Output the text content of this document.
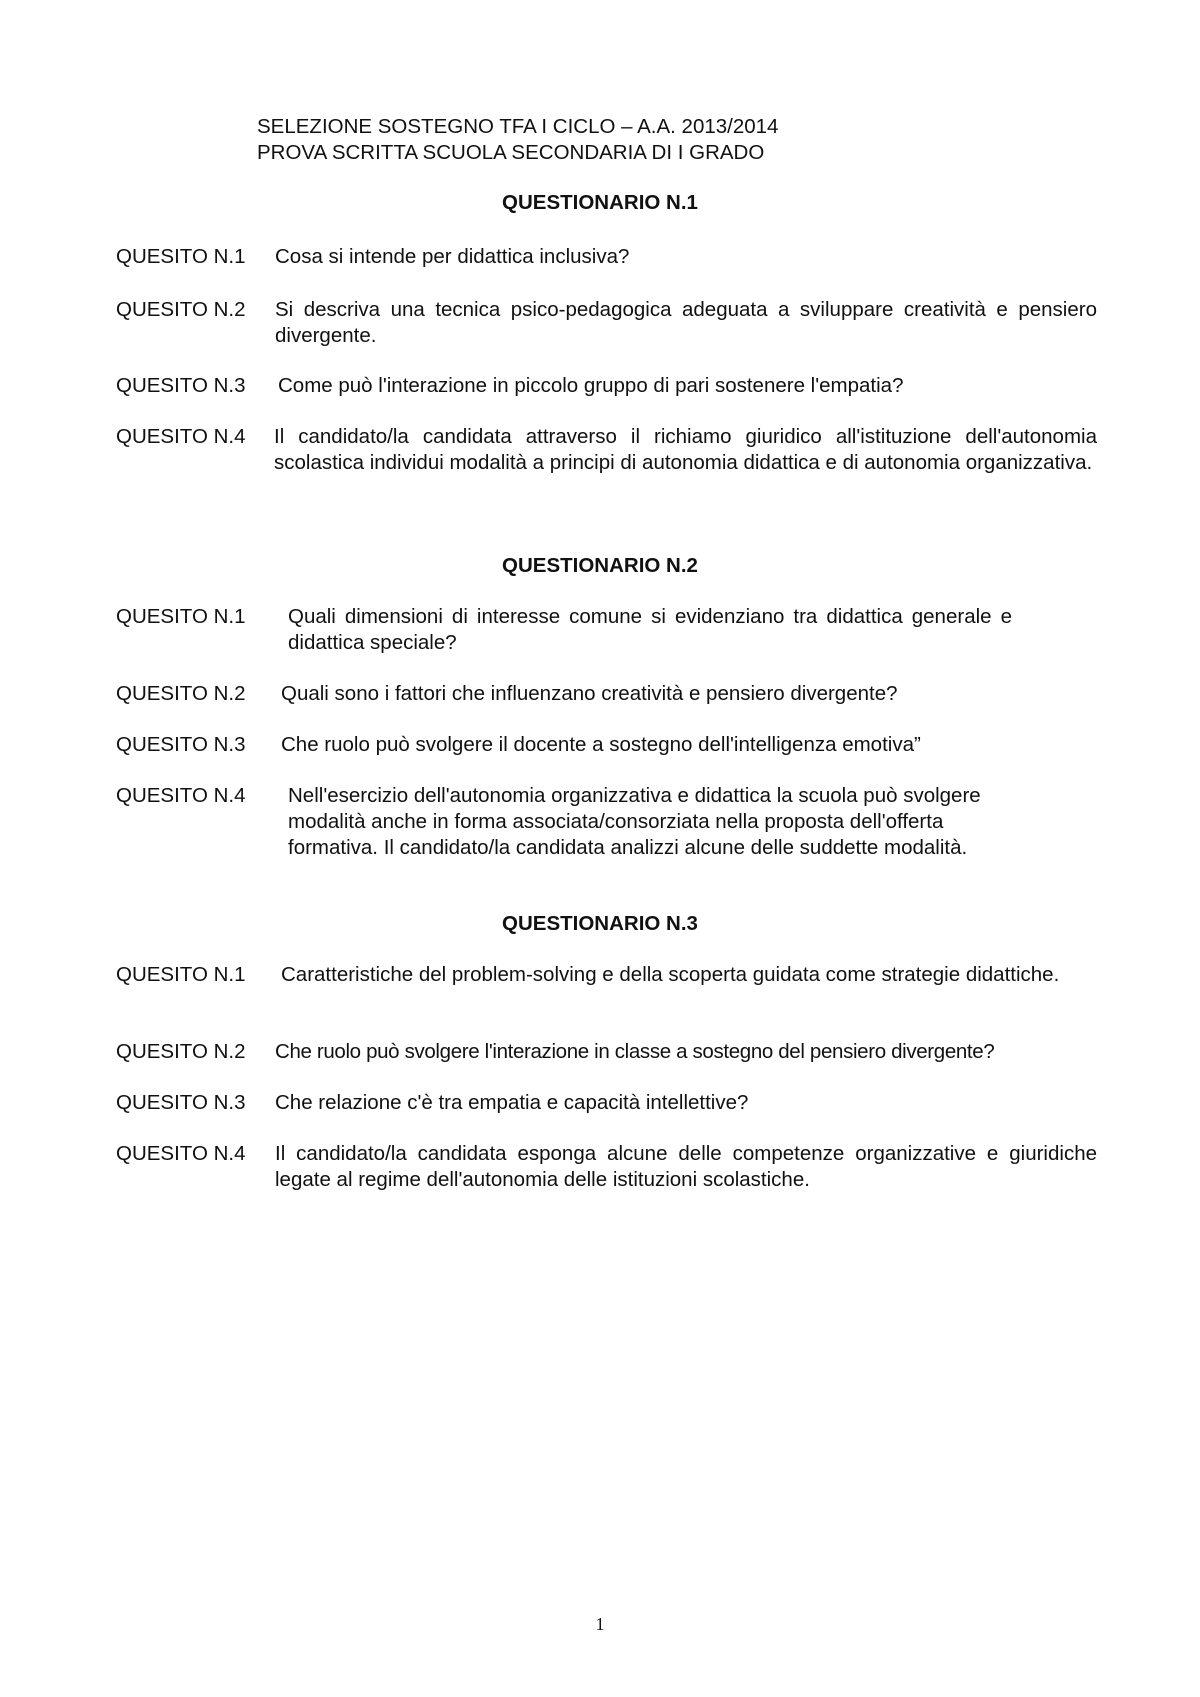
SELEZIONE SOSTEGNO TFA I CICLO – A.A. 2013/2014
PROVA SCRITTA SCUOLA SECONDARIA DI I GRADO
QUESTIONARIO N.1
QUESITO N.1	Cosa si intende per didattica inclusiva?
QUESITO N.2	Si descriva una tecnica psico-pedagogica adeguata a sviluppare creatività e pensiero divergente.
QUESITO N.3	Come può l'interazione in piccolo gruppo di pari sostenere l'empatia?
QUESITO N.4	Il candidato/la candidata attraverso il richiamo giuridico all'istituzione dell'autonomia scolastica individui modalità a principi di autonomia didattica e di autonomia organizzativa.
QUESTIONARIO N.2
QUESITO N.1	Quali dimensioni di interesse comune si evidenziano tra didattica generale e didattica speciale?
QUESITO N.2	Quali sono i fattori che influenzano creatività e pensiero divergente?
QUESITO N.3	Che ruolo può svolgere il docente a sostegno dell'intelligenza emotiva”
QUESITO N.4	Nell'esercizio dell'autonomia organizzativa e didattica la scuola può svolgere modalità anche in forma associata/consorziata nella proposta dell'offerta formativa. Il candidato/la candidata analizzi alcune delle suddette modalità.
QUESTIONARIO N.3
QUESITO N.1	Caratteristiche del problem-solving e della scoperta guidata come strategie didattiche.
QUESITO N.2	Che ruolo può svolgere l'interazione in classe a sostegno del pensiero divergente?
QUESITO N.3	Che relazione c'è tra empatia e capacità intellettive?
QUESITO N.4	Il candidato/la candidata esponga alcune delle competenze organizzative e giuridiche legate al regime dell'autonomia delle istituzioni scolastiche.
1
